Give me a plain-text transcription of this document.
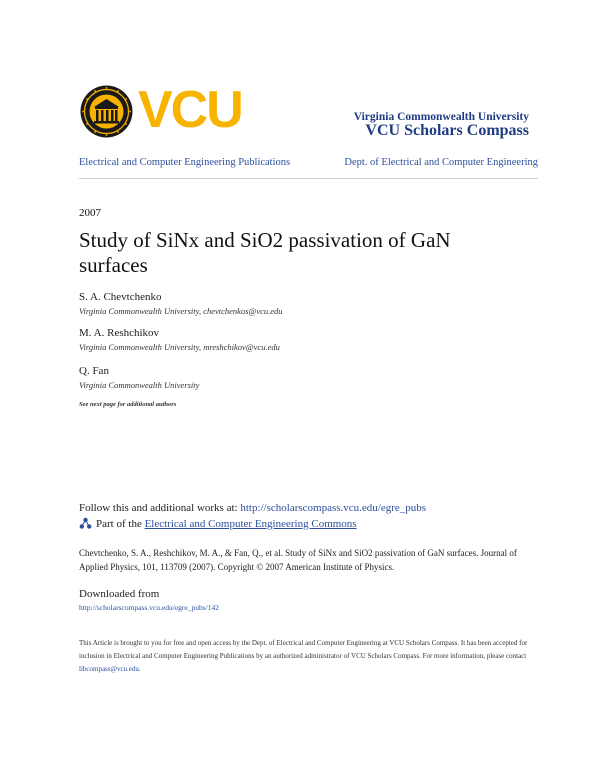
VCU	Virginia Commonwealth University
VCU Scholars Compass
Electrical and Computer Engineering Publications	Dept. of Electrical and Computer Engineering
2007
Study of SiNx and SiO2 passivation of GaN surfaces
S. A. Chevtchenko
Virginia Commonwealth University, chevtchenkos@vcu.edu
M. A. Reshchikov
Virginia Commonwealth University, mreshchikov@vcu.edu
Q. Fan
Virginia Commonwealth University
See next page for additional authors
Follow this and additional works at: http://scholarscompass.vcu.edu/egre_pubs
Part of the
Electrical and Computer Engineering Commons
Chevtchenko, S. A., Reshchikov, M. A., & Fan, Q., et al. Study of SiNx and SiO2 passivation of GaN surfaces. Journal of Applied Physics, 101, 113709 (2007). Copyright © 2007 American Institute of Physics.
Downloaded from
http://scholarscompass.vcu.edu/egre_pubs/142
This Article is brought to you for free and open access by the Dept. of Electrical and Computer Engineering at VCU Scholars Compass. It has been accepted for inclusion in Electrical and Computer Engineering Publications by an authorized administrator of VCU Scholars Compass. For more information, please contact libcompass@vcu.edu.
